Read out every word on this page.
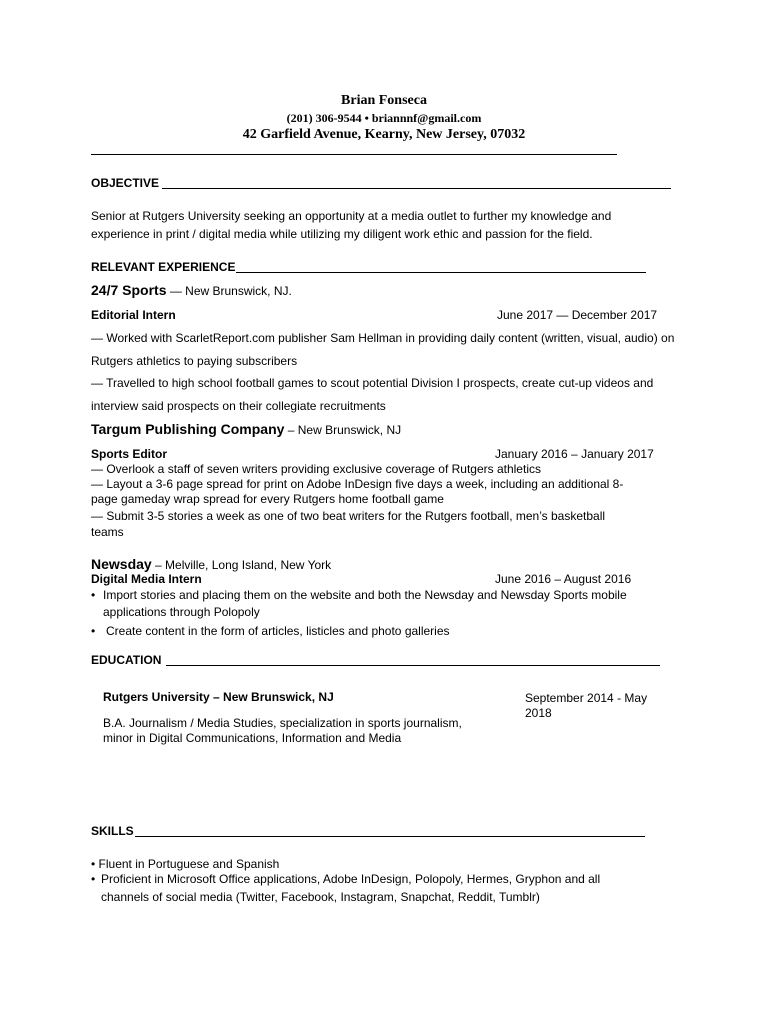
Brian Fonseca
(201) 306-9544 • briannnf@gmail.com
42 Garfield Avenue, Kearny, New Jersey, 07032
OBJECTIVE
Senior at Rutgers University seeking an opportunity at a media outlet to further my knowledge and
experience in print / digital media while utilizing my diligent work ethic and passion for the field.
RELEVANT EXPERIENCE
24/7 Sports — New Brunswick, NJ.
Editorial Intern	June 2017 — December 2017
— Worked with ScarletReport.com publisher Sam Hellman in providing daily content (written, visual, audio) on
Rutgers athletics to paying subscribers
— Travelled to high school football games to scout potential Division I prospects, create cut-up videos and
interview said prospects on their collegiate recruitments
Targum Publishing Company – New Brunswick, NJ
Sports Editor	January 2016 – January 2017
— Overlook a staff of seven writers providing exclusive coverage of Rutgers athletics
— Layout a 3-6 page spread for print on Adobe InDesign five days a week, including an additional 8-
page gameday wrap spread for every Rutgers home football game
— Submit 3-5 stories a week as one of two beat writers for the Rutgers football, men’s basketball
teams
Newsday – Melville, Long Island, New York
Digital Media Intern	June 2016 – August 2016
• Import stories and placing them on the website and both the Newsday and Newsday Sports mobile
applications through Polopoly
• Create content in the form of articles, listicles and photo galleries
EDUCATION
Rutgers University – New Brunswick, NJ	September 2014 - May
2018
B.A. Journalism / Media Studies, specialization in sports journalism,
minor in Digital Communications, Information and Media
SKILLS
• Fluent in Portuguese and Spanish
• Proficient in Microsoft Office applications, Adobe InDesign, Polopoly, Hermes, Gryphon and all
channels of social media (Twitter, Facebook, Instagram, Snapchat, Reddit, Tumblr)
